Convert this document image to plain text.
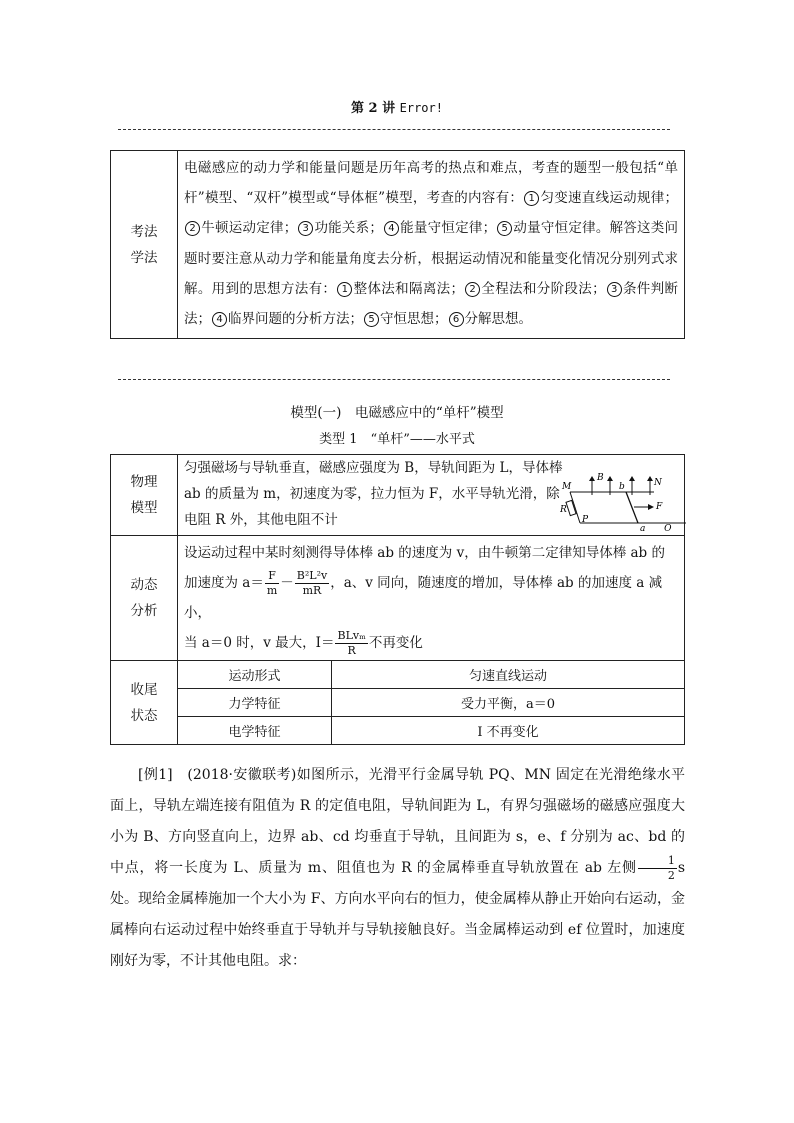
第 2 讲 Error!
考法
学法
	电磁感应的动力学和能量问题是历年高考的热点和难点，考查的题型一般包括“单杆”模型、“双杆”模型或“导体框”模型，考查的内容有： 1 匀变速直线运动规律；2 牛顿运动定律； 3 功能关系； 4 能量守恒定律； 5 动量守恒定律。解答这类问题时要注意从动力学和能量角度去分析，根据运动情况和能量变化情况分别列式求解。用到的思想方法有： 1 整体法和隔离法； 2 全程法和分阶段法； 3 条件判断法； 4 临界问题的分析方法； 5 守恒思想； 6 分解思想。
模型(一)　电磁感应中的“单杆”模型
类型 1　“单杆”——水平式
物理
模型

匀强磁场与导轨垂直，磁感应强度为 B，导轨间距为 L，导体棒 ab 的质量为 m，初速度为零，拉力恒为 F，水平导轨光滑，除电阻 R 外，其他电阻不计
M
B
b	N
F
R
P
a Q

动态
分析

设运动过程中某时刻测得导体棒 ab 的速度为 v，由牛顿第二定律知导体棒 ab 的
加速度为 $a= \frac{F}{m} - \frac{\text{B²L²v}}{mR}$ ，a、v 同向，随速度的增加，导体棒 ab 的加速度 a 减小，
当 a＝0 时，v 最大，$I= \frac{\text{BLvₘ}}{R}$ 不再变化

收尾
状态

运动形式	匀速直线运动
力学特征	受力平衡，a＝0
电学特征	I 不再变化

[例1]　 (2018·安徽联考)如图所示，光滑平行金属导轨 PQ、MN 固定在光滑绝缘水平面上，导轨左端连接有阻值为 R 的定值电阻，导轨间距为 L，有界匀强磁场的磁感应强度大小为 B、方向竖直向上，边界 ab、cd 均垂直于导轨，且间距为 s，e、f 分别为 ac、bd 的中点，将一长度为 L、质量为 m、阻值也为 R 的金属棒垂直导轨放置在 ab 左侧 $\frac{1}{2}$ s 处。现给金属棒施加一个大小为 F、方向水平向右的恒力，使金属棒从静止开始向右运动，金属棒向右运动过程中始终垂直于导轨并与导轨接触良好。当金属棒运动到 ef 位置时，加速度刚好为零，不计其他电阻。求：
